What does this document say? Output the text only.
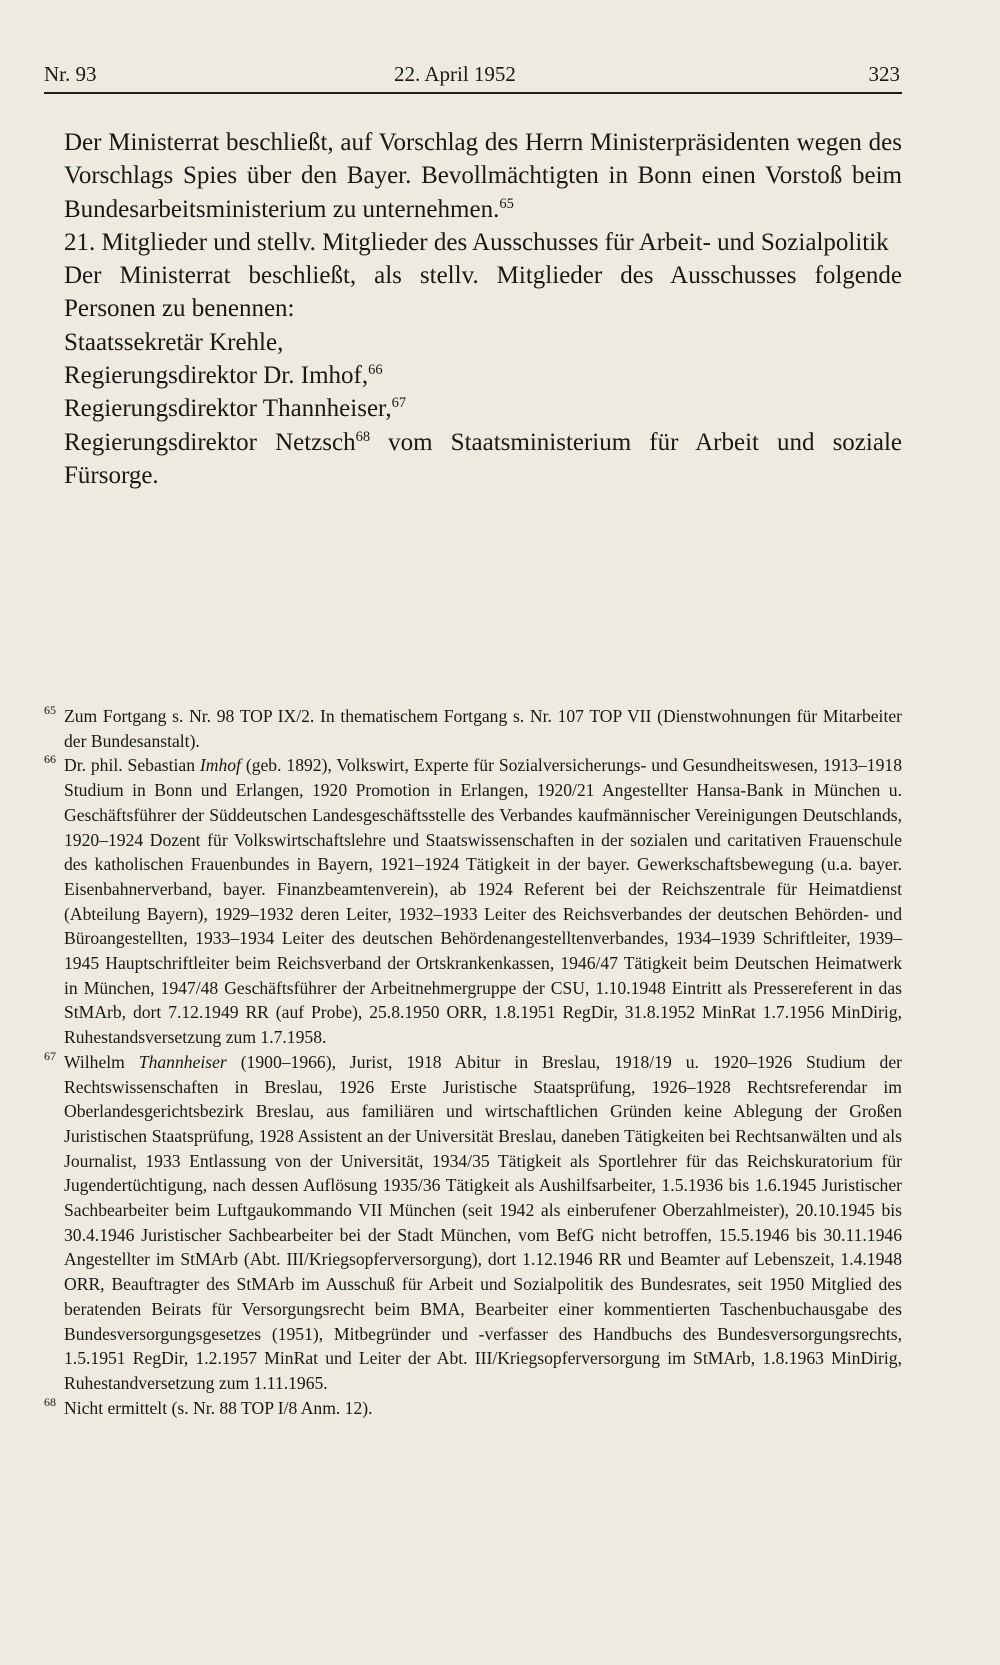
Nr. 93	22. April 1952	323

Der Ministerrat beschließt, auf Vorschlag des Herrn Ministerpräsidenten wegen des Vorschlags Spies über den Bayer. Bevollmächtigten in Bonn einen Vorstoß beim Bundesarbeitsministerium zu unternehmen.$^{65}$

21. Mitglieder und stellv. Mitglieder des Ausschusses für Arbeit- und Sozialpolitik

Der Ministerrat beschließt, als stellv. Mitglieder des Ausschusses folgende Personen zu benennen:

Staatssekretär Krehle,

Regierungsdirektor Dr. Imhof,$^{66}$

Regierungsdirektor Thannheiser,$^{67}$

Regierungsdirektor Netzsch$^{68}$ vom Staatsministerium für Arbeit und soziale Fürsorge.

$^{65}$ Zum Fortgang s. Nr. 98 TOP IX/2. In thematischem Fortgang s. Nr. 107 TOP VII (Dienstwohnungen für Mitarbeiter der Bundesanstalt).
$^{66}$ Dr. phil. Sebastian Imhof (geb. 1892), Volkswirt, Experte für Sozialversicherungs- und Gesundheitswesen, 1913–1918 Studium in Bonn und Erlangen, 1920 Promotion in Erlangen, 1920/21 Angestellter Hansa-Bank in München u. Geschäftsführer der Süddeutschen Landesgeschäftsstelle des Verbandes kaufmännischer Vereinigungen Deutschlands, 1920–1924 Dozent für Volkswirtschaftslehre und Staatswissenschaften in der sozialen und caritativen Frauenschule des katholischen Frauenbundes in Bayern, 1921–1924 Tätigkeit in der bayer. Gewerkschaftsbewegung (u.a. bayer. Eisenbahnerverband, bayer. Finanzbeamtenverein), ab 1924 Referent bei der Reichszentrale für Heimatdienst (Abteilung Bayern), 1929–1932 deren Leiter, 1932–1933 Leiter des Reichsverbandes der deutschen Behörden- und Büroangestellten, 1933–1934 Leiter des deutschen Behördenangestelltenverbandes, 1934–1939 Schriftleiter, 1939–1945 Hauptschriftleiter beim Reichsverband der Ortskrankenkassen, 1946/47 Tätigkeit beim Deutschen Heimatwerk in München, 1947/48 Geschäftsführer der Arbeitnehmergruppe der CSU, 1.10.1948 Eintritt als Pressereferent in das StMArb, dort 7.12.1949 RR (auf Probe), 25.8.1950 ORR, 1.8.1951 RegDir, 31.8.1952 MinRat 1.7.1956 MinDirig, Ruhestandsversetzung zum 1.7.1958.
$^{67}$ Wilhelm Thannheiser (1900–1966), Jurist, 1918 Abitur in Breslau, 1918/19 u. 1920–1926 Studium der Rechtswissenschaften in Breslau, 1926 Erste Juristische Staatsprüfung, 1926–1928 Rechtsreferendar im Oberlandesgerichtsbezirk Breslau, aus familiären und wirtschaftlichen Gründen keine Ablegung der Großen Juristischen Staatsprüfung, 1928 Assistent an der Universität Breslau, daneben Tätigkeiten bei Rechtsanwälten und als Journalist, 1933 Entlassung von der Universität, 1934/35 Tätigkeit als Sportlehrer für das Reichskuratorium für Jugendertüchtigung, nach dessen Auflösung 1935/36 Tätigkeit als Aushilfsarbeiter, 1.5.1936 bis 1.6.1945 Juristischer Sachbearbeiter beim Luftgaukommando VII München (seit 1942 als einberufener Oberzahlmeister), 20.10.1945 bis 30.4.1946 Juristischer Sachbearbeiter bei der Stadt München, vom BefG nicht betroffen, 15.5.1946 bis 30.11.1946 Angestellter im StMArb (Abt. III/Kriegsopferversorgung), dort 1.12.1946 RR und Beamter auf Lebenszeit, 1.4.1948 ORR, Beauftragter des StMArb im Ausschuß für Arbeit und Sozialpolitik des Bundesrates, seit 1950 Mitglied des beratenden Beirats für Versorgungsrecht beim BMA, Bearbeiter einer kommentierten Taschenbuchausgabe des Bundesversorgungsgesetzes (1951), Mitbegründer und -verfasser des Handbuchs des Bundesversorgungsrechts, 1.5.1951 RegDir, 1.2.1957 MinRat und Leiter der Abt. III/Kriegsopferversorgung im StMArb, 1.8.1963 MinDirig, Ruhestandversetzung zum 1.11.1965.
$^{68}$ Nicht ermittelt (s. Nr. 88 TOP I/8 Anm. 12).
